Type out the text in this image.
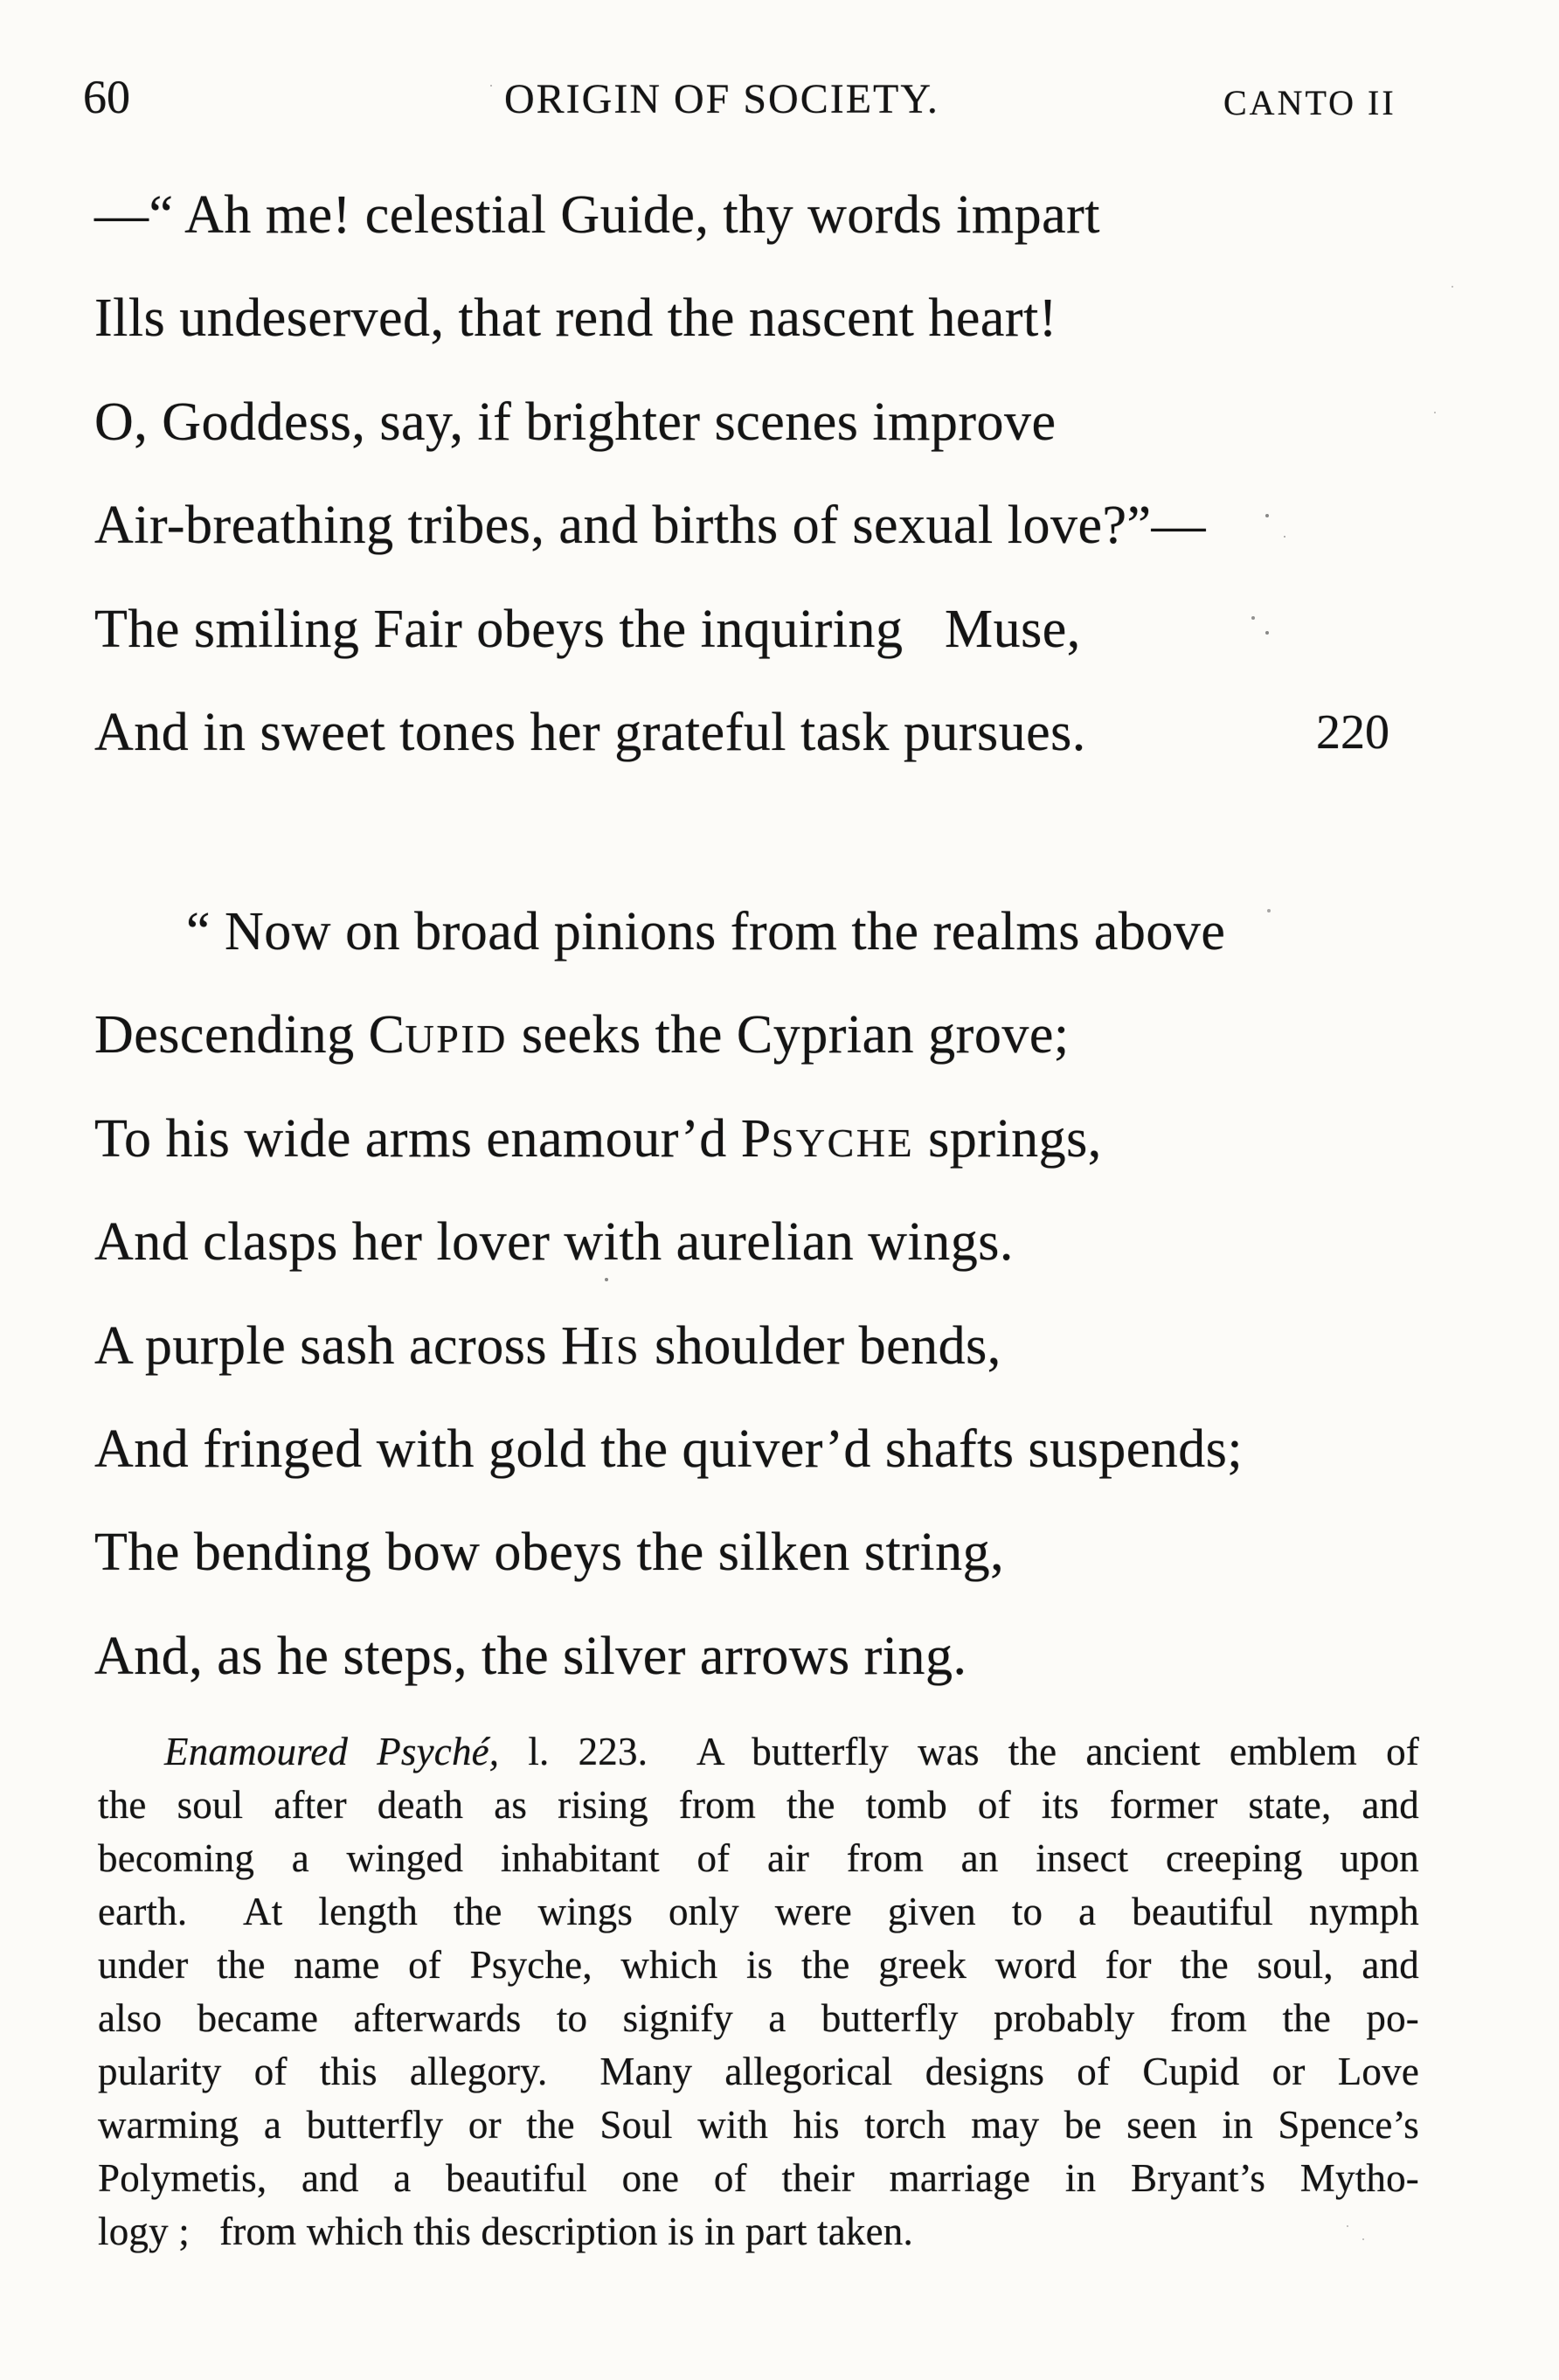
60	ORIGIN OF SOCIETY.	CANTO II
—“ Ah me! celestial Guide, thy words impart
Ills undeserved, that rend the nascent heart!
O, Goddess, say, if brighter scenes improve
Air-breathing tribes, and births of sexual love?”—
The smiling Fair obeys the inquiring  Muse,
And in sweet tones her grateful task pursues.	220
“ Now on broad pinions from the realms above
Descending CUPID seeks the Cyprian grove;
To his wide arms enamour’d PSYCHE springs,
And clasps her lover with aurelian wings.
A purple sash across HIS shoulder bends,
And fringed with gold the quiver’d shafts suspends;
The bending bow obeys the silken string,
And, as he steps, the silver arrows ring.
Enamoured Psyché, l. 223.  A butterfly was the ancient emblem of
the soul after death as rising from the tomb of its former state, and
becoming a winged inhabitant of air from an insect creeping upon
earth.  At length the wings only were given to a beautiful nymph
under the name of Psyche, which is the greek word for the soul, and
also became afterwards to signify a butterfly probably from the po-
pularity of this allegory.  Many allegorical designs of Cupid or Love
warming a butterfly or the Soul with his torch may be seen in Spence’s
Polymetis, and a beautiful one of their marriage in Bryant’s Mytho-
logy ;  from which this description is in part taken.
